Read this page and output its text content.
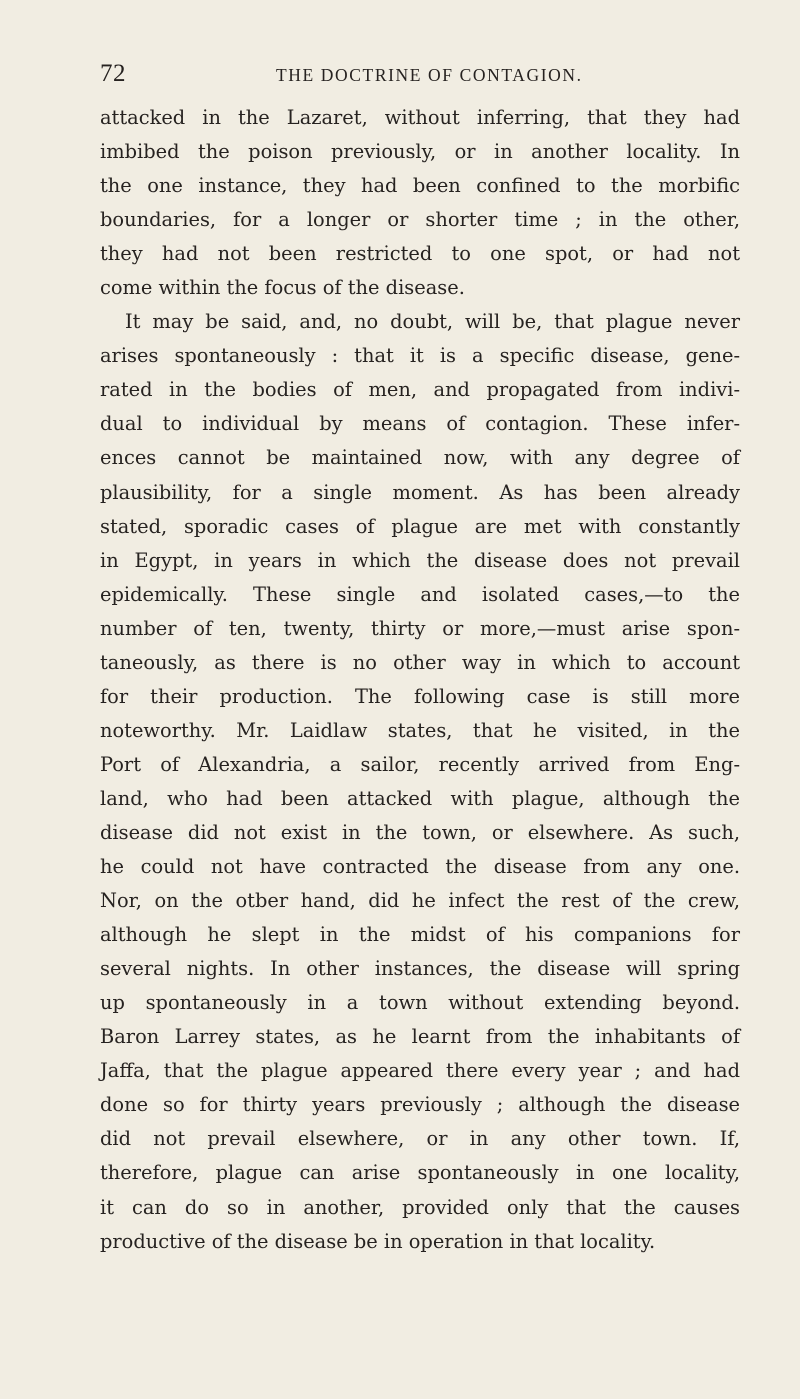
72	THE DOCTRINE OF CONTAGION.
attacked in the Lazaret, without inferring, that they had
imbibed the poison previously, or in another locality. In
the one instance, they had been confined to the morbific
boundaries, for a longer or shorter time ; in the other,
they had not been restricted to one spot, or had not
come within the focus of the disease.
It may be said, and, no doubt, will be, that plague never
arises spontaneously : that it is a specific disease, gene-
rated in the bodies of men, and propagated from indivi-
dual to individual by means of contagion. These infer-
ences cannot be maintained now, with any degree of
plausibility, for a single moment. As has been already
stated, sporadic cases of plague are met with constantly
in Egypt, in years in which the disease does not prevail
epidemically. These single and isolated cases,—to the
number of ten, twenty, thirty or more,—must arise spon-
taneously, as there is no other way in which to account
for their production. The following case is still more
noteworthy. Mr. Laidlaw states, that he visited, in the
Port of Alexandria, a sailor, recently arrived from Eng-
land, who had been attacked with plague, although the
disease did not exist in the town, or elsewhere. As such,
he could not have contracted the disease from any one.
Nor, on the otber hand, did he infect the rest of the crew,
although he slept in the midst of his companions for
several nights. In other instances, the disease will spring
up spontaneously in a town without extending beyond.
Baron Larrey states, as he learnt from the inhabitants of
Jaffa, that the plague appeared there every year ; and had
done so for thirty years previously ; although the disease
did not prevail elsewhere, or in any other town. If,
therefore, plague can arise spontaneously in one locality,
it can do so in another, provided only that the causes
productive of the disease be in operation in that locality.
